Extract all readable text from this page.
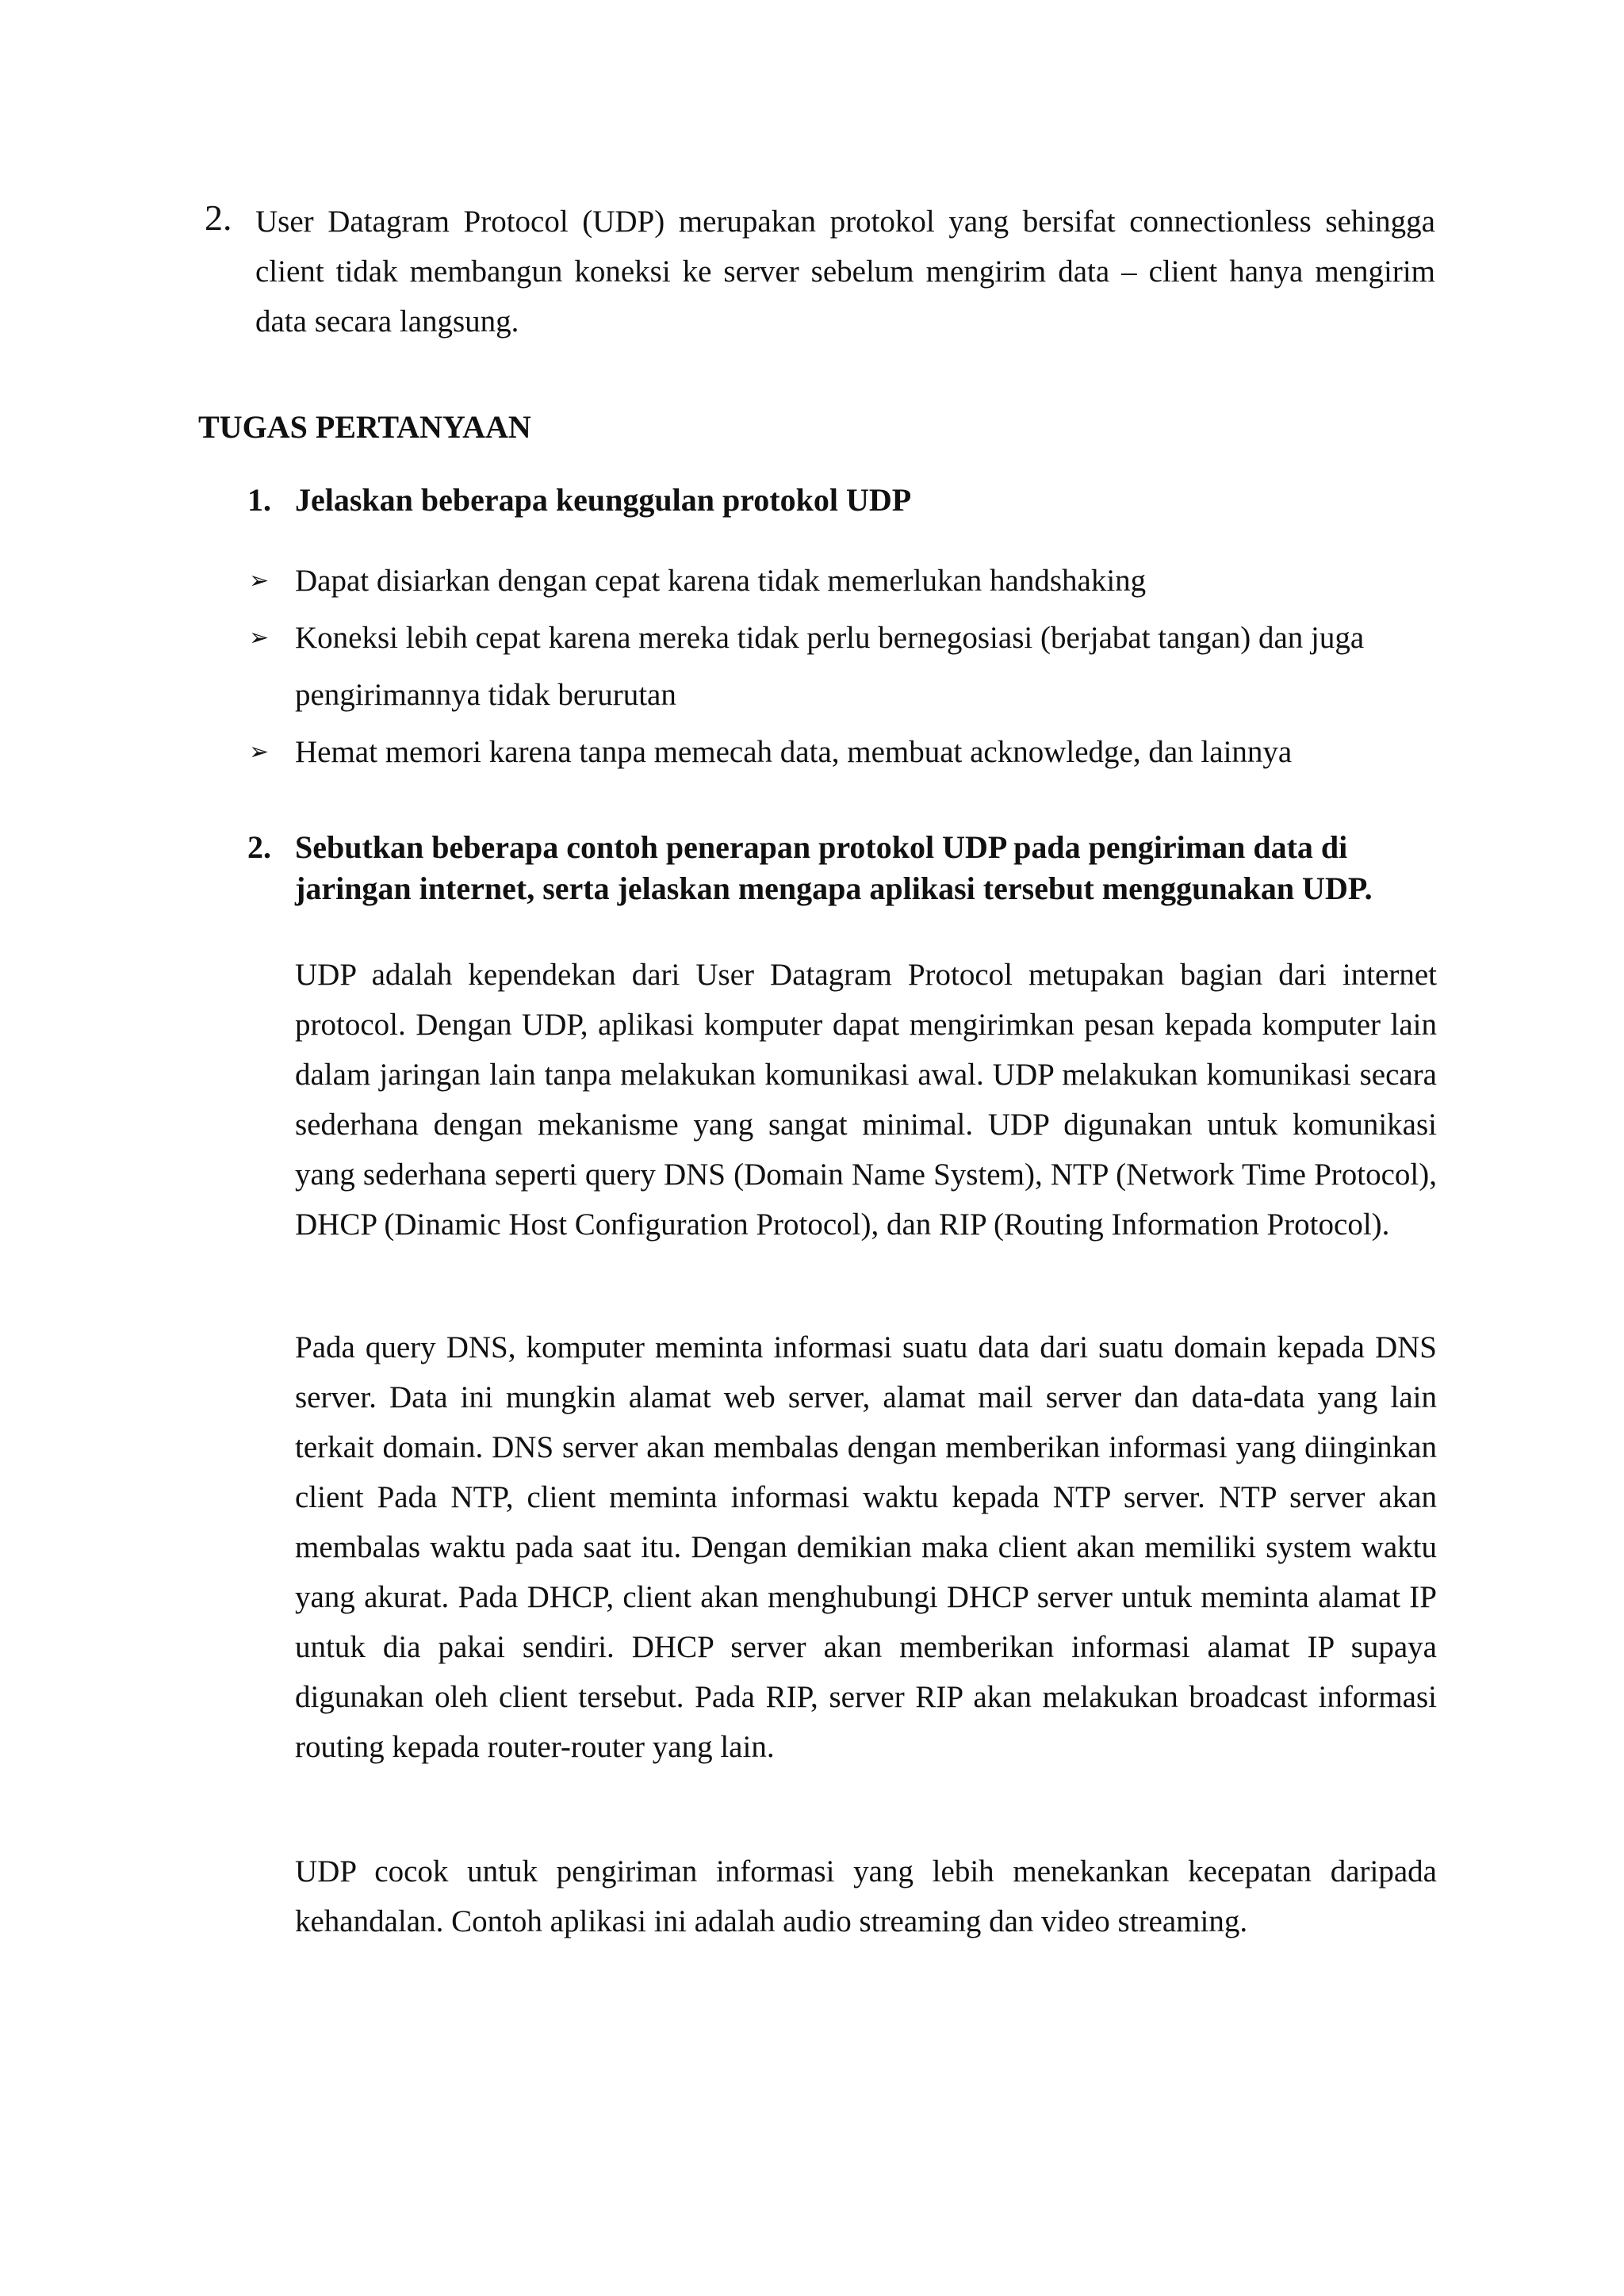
2. User Datagram Protocol (UDP) merupakan protokol yang bersifat connectionless sehingga client tidak membangun koneksi ke server sebelum mengirim data – client hanya mengirim data secara langsung.

TUGAS PERTANYAAN
1. Jelaskan beberapa keunggulan protokol UDP

➢ Dapat disiarkan dengan cepat karena tidak memerlukan handshaking
➢ Koneksi lebih cepat karena mereka tidak perlu bernegosiasi (berjabat tangan) dan juga pengirimannya tidak berurutan
➢ Hemat memori karena tanpa memecah data, membuat acknowledge, dan lainnya
2. Sebutkan beberapa contoh penerapan protokol UDP pada pengiriman data di jaringan internet, serta jelaskan mengapa aplikasi tersebut menggunakan UDP.

UDP adalah kependekan dari User Datagram Protocol metupakan bagian dari internet protocol. Dengan UDP, aplikasi komputer dapat mengirimkan pesan kepada komputer lain dalam jaringan lain tanpa melakukan komunikasi awal. UDP melakukan komunikasi secara sederhana dengan mekanisme yang sangat minimal. UDP digunakan untuk komunikasi yang sederhana seperti query DNS (Domain Name System), NTP (Network Time Protocol), DHCP (Dinamic Host Configuration Protocol), dan RIP (Routing Information Protocol).

Pada query DNS, komputer meminta informasi suatu data dari suatu domain kepada DNS server. Data ini mungkin alamat web server, alamat mail server dan data-data yang lain terkait domain. DNS server akan membalas dengan memberikan informasi yang diinginkan client Pada NTP, client meminta informasi waktu kepada NTP server. NTP server akan membalas waktu pada saat itu. Dengan demikian maka client akan memiliki system waktu yang akurat. Pada DHCP, client akan menghubungi DHCP server untuk meminta alamat IP untuk dia pakai sendiri. DHCP server akan memberikan informasi alamat IP supaya digunakan oleh client tersebut. Pada RIP, server RIP akan melakukan broadcast informasi routing kepada router-router yang lain.

UDP cocok untuk pengiriman informasi yang lebih menekankan kecepatan daripada kehandalan. Contoh aplikasi ini adalah audio streaming dan video streaming.
